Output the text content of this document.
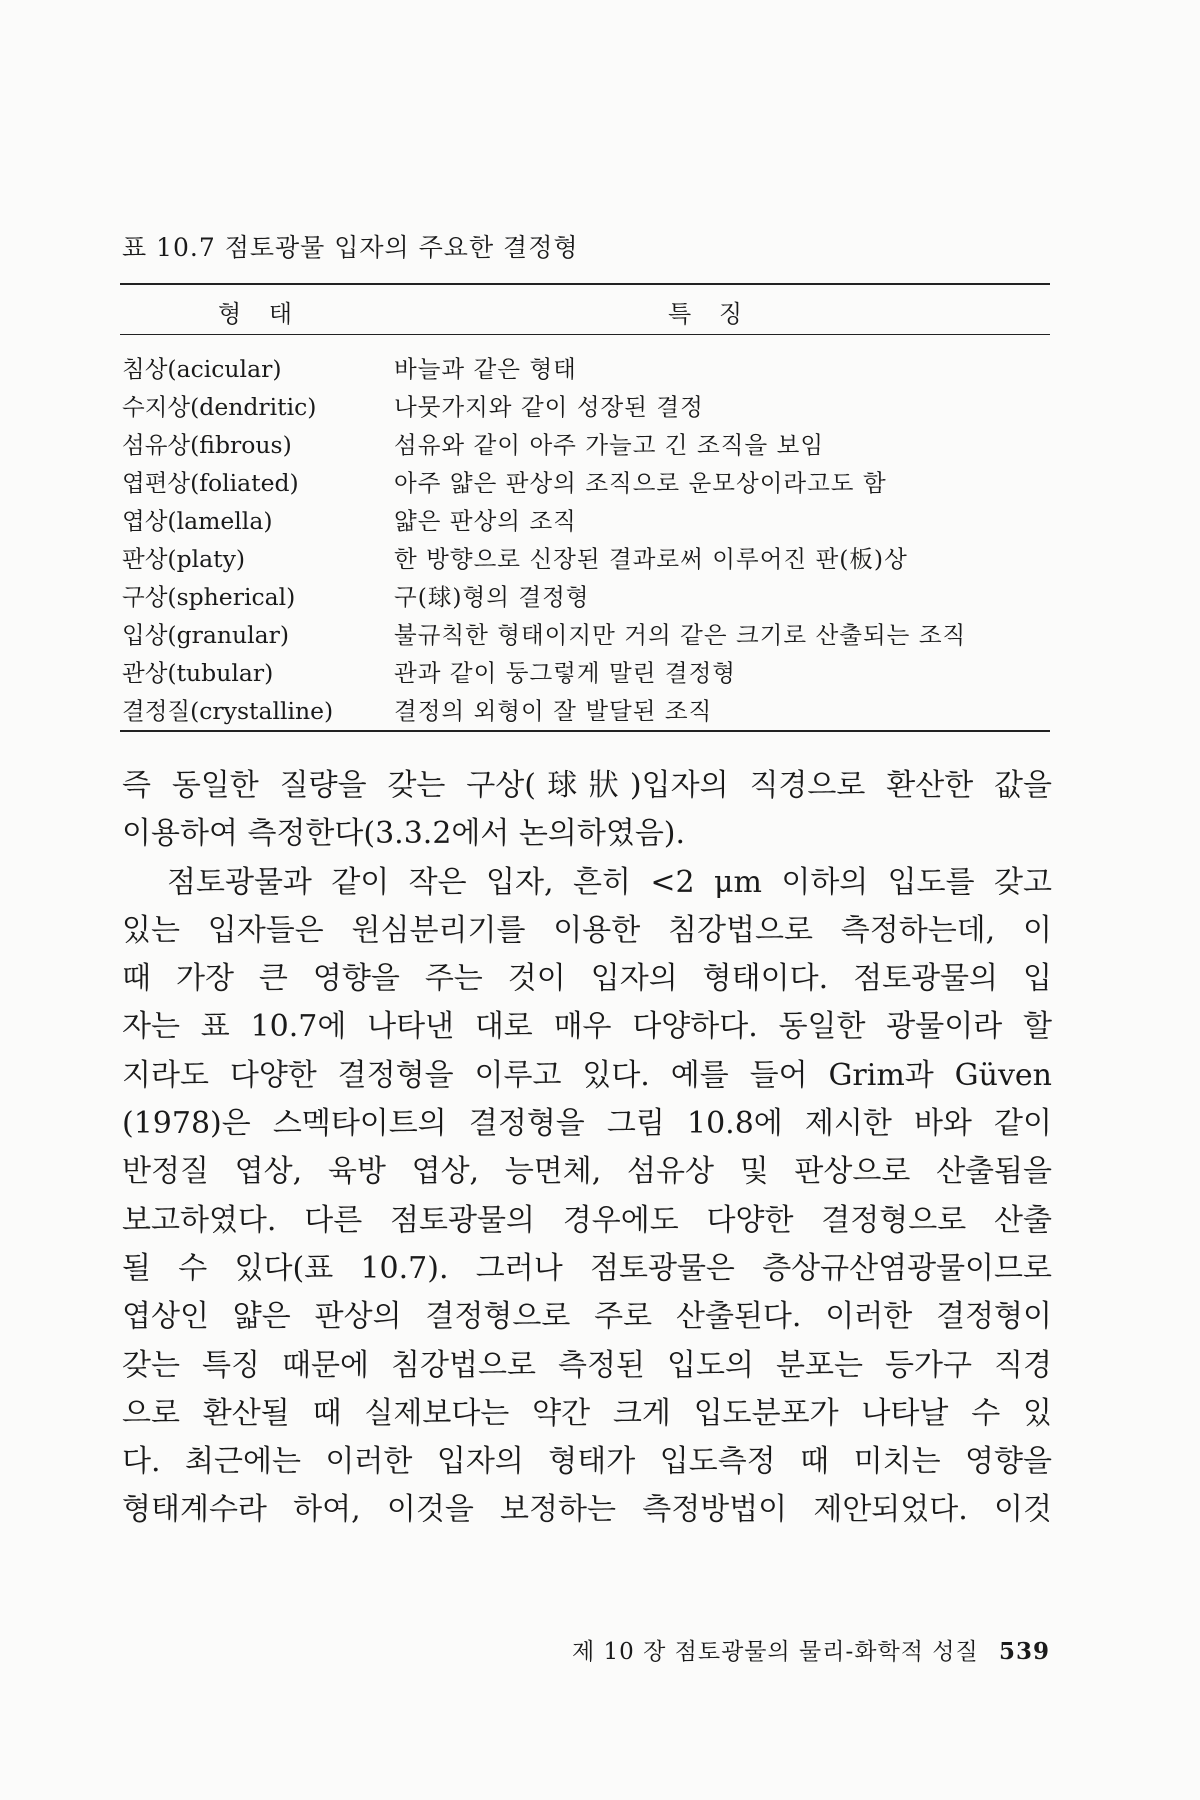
표 10.7 점토광물 입자의 주요한 결정형
형 태	특 징
침상(acicular)	바늘과 같은 형태
수지상(dendritic)	나뭇가지와 같이 성장된 결정
섬유상(fibrous)	섬유와 같이 아주 가늘고 긴 조직을 보임
엽편상(foliated)	아주 얇은 판상의 조직으로 운모상이라고도 함
엽상(lamella)	얇은 판상의 조직
판상(platy)	한 방향으로 신장된 결과로써 이루어진 판(板)상
구상(spherical)	구(球)형의 결정형
입상(granular)	불규칙한 형태이지만 거의 같은 크기로 산출되는 조직
관상(tubular)	관과 같이 둥그렇게 말린 결정형
결정질(crystalline)	결정의 외형이 잘 발달된 조직
즉 동일한 질량을 갖는 구상(球狀)입자의 직경으로 환산한 값을
이용하여 측정한다(3.3.2에서 논의하였음).
점토광물과 같이 작은 입자, 흔히 <2 μm 이하의 입도를 갖고
있는 입자들은 원심분리기를 이용한 침강법으로 측정하는데, 이
때 가장 큰 영향을 주는 것이 입자의 형태이다. 점토광물의 입
자는 표 10.7에 나타낸 대로 매우 다양하다. 동일한 광물이라 할
지라도 다양한 결정형을 이루고 있다. 예를 들어 Grim과 Güven
(1978)은 스멕타이트의 결정형을 그림 10.8에 제시한 바와 같이
반정질 엽상, 육방 엽상, 능면체, 섬유상 및 판상으로 산출됨을
보고하였다. 다른 점토광물의 경우에도 다양한 결정형으로 산출
될 수 있다(표 10.7). 그러나 점토광물은 층상규산염광물이므로
엽상인 얇은 판상의 결정형으로 주로 산출된다. 이러한 결정형이
갖는 특징 때문에 침강법으로 측정된 입도의 분포는 등가구 직경
으로 환산될 때 실제보다는 약간 크게 입도분포가 나타날 수 있
다. 최근에는 이러한 입자의 형태가 입도측정 때 미치는 영향을
형태계수라 하여, 이것을 보정하는 측정방법이 제안되었다. 이것
제 10 장 점토광물의 물리-화학적 성질 539
